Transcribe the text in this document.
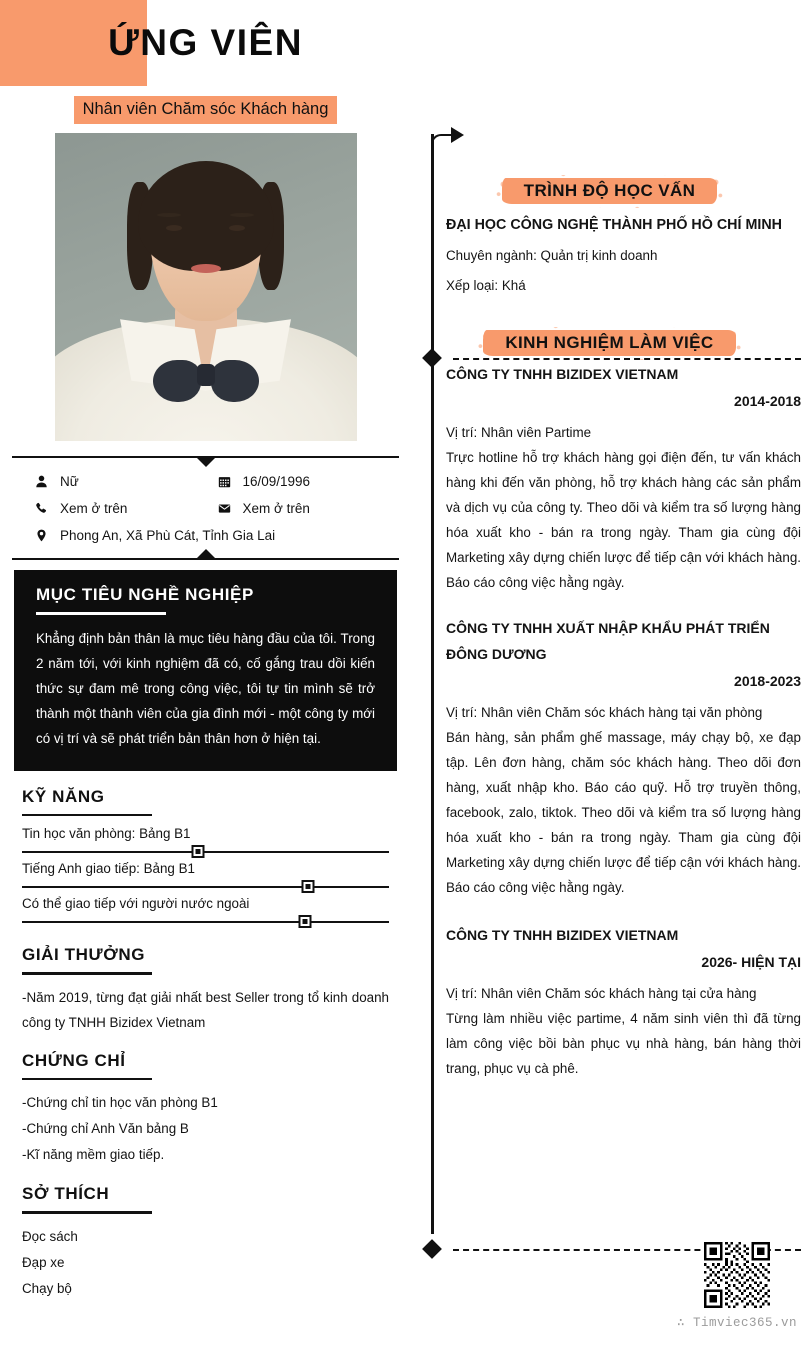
ỨNG VIÊN
Nhân viên Chăm sóc Khách hàng
Nữ	16/09/1996
Xem ở trên	Xem ở trên
Phong An, Xã Phù Cát, Tỉnh Gia Lai
MỤC TIÊU NGHỀ NGHIỆP
Khẳng định bản thân là mục tiêu hàng đầu của tôi. Trong 2 năm tới, với kinh nghiệm đã có, cố gắng trau dồi kiến thức sự đam mê trong công việc, tôi tự tin mình sẽ trở thành một thành viên của gia đình mới - một công ty mới có vị trí và sẽ phát triển bản thân hơn ở hiện tại.
KỸ NĂNG
Tin học văn phòng: Bảng B1
Tiếng Anh giao tiếp: Bảng B1
Có thể giao tiếp với người nước ngoài
GIẢI THƯỞNG
-Năm 2019, từng đạt giải nhất best Seller trong tổ kinh doanh công ty TNHH Bizidex Vietnam
CHỨNG CHỈ
-Chứng chỉ tin học văn phòng B1
-Chứng chỉ Anh Văn bảng B
-Kĩ năng mềm giao tiếp.
SỞ THÍCH
Đọc sách
Đạp xe
Chạy bộ
TRÌNH ĐỘ HỌC VẤN
ĐẠI HỌC CÔNG NGHỆ THÀNH PHỐ HỒ CHÍ MINH
Chuyên ngành: Quản trị kinh doanh
Xếp loại: Khá
KINH NGHIỆM LÀM VIỆC
CÔNG TY TNHH BIZIDEX VIETNAM
2014-2018
Vị trí: Nhân viên Partime
Trực hotline hỗ trợ khách hàng gọi điện đến, tư vấn khách hàng khi đến văn phòng, hỗ trợ khách hàng các sản phẩm và dịch vụ của công ty. Theo dõi và kiểm tra số lượng hàng hóa xuất kho - bán ra trong ngày. Tham gia cùng đội Marketing xây dựng chiến lược để tiếp cận với khách hàng. Báo cáo công việc hằng ngày.
CÔNG TY TNHH XUẤT NHẬP KHẨU PHÁT TRIỂN ĐÔNG DƯƠNG
2018-2023
Vị trí: Nhân viên Chăm sóc khách hàng tại văn phòng
Bán hàng, sản phẩm ghế massage, máy chạy bộ, xe đạp tập. Lên đơn hàng, chăm sóc khách hàng. Theo dõi đơn hàng, xuất nhập kho. Báo cáo quỹ. Hỗ trợ truyền thông, facebook, zalo, tiktok. Theo dõi và kiểm tra số lượng hàng hóa xuất kho - bán ra trong ngày. Tham gia cùng đội Marketing xây dựng chiến lược để tiếp cận với khách hàng. Báo cáo công việc hằng ngày.
CÔNG TY TNHH BIZIDEX VIETNAM
2026- HIỆN TẠI
Vị trí: Nhân viên Chăm sóc khách hàng tại cửa hàng
Từng làm nhiều việc partime, 4 năm sinh viên thì đã từng làm công việc bồi bàn phục vụ nhà hàng, bán hàng thời trang, phục vụ cà phê.
∴ Timviec365.vn
